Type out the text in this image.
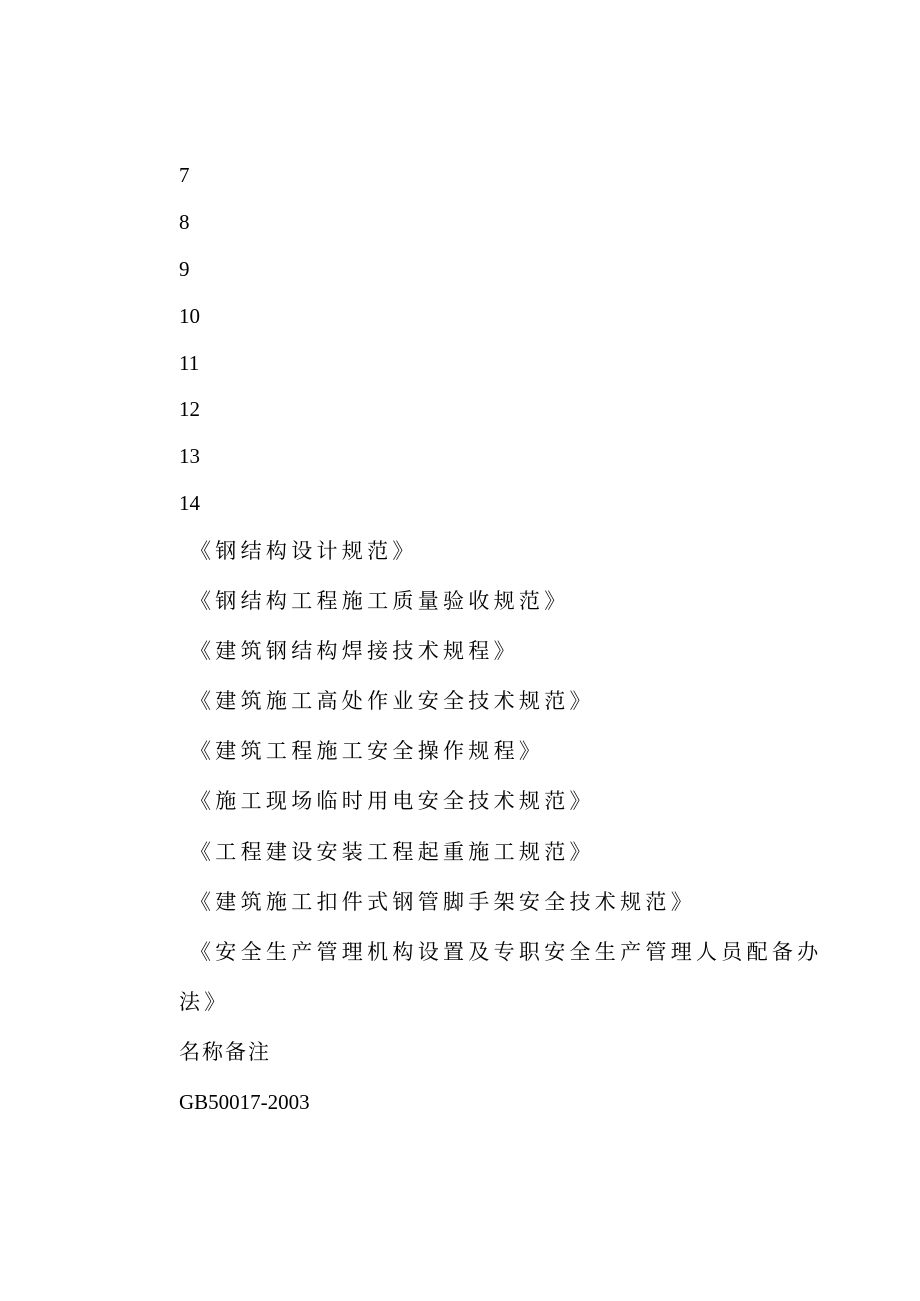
7

8

9

10

11

12

13

14

《钢结构设计规范》

《钢结构工程施工质量验收规范》

《建筑钢结构焊接技术规程》

《建筑施工高处作业安全技术规范》

《建筑工程施工安全操作规程》

《施工现场临时用电安全技术规范》

《工程建设安装工程起重施工规范》

《建筑施工扣件式钢管脚手架安全技术规范》

《安全生产管理机构设置及专职安全生产管理人员配备办

法》

名称备注

GB50017-2003
